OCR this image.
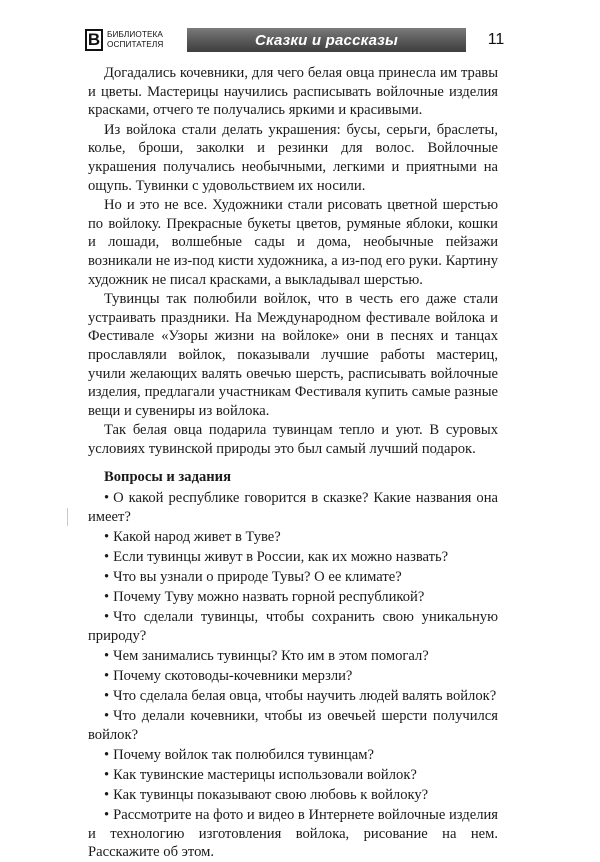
В БИБЛИОТЕКА
ОСПИТАТЕЛЯ	Сказки и рассказы	11

Догадались кочевники, для чего белая овца принесла им травы и цветы. Мастерицы научились расписывать войлочные изделия красками, отчего те получались яркими и красивыми.

Из войлока стали делать украшения: бусы, серьги, браслеты, колье, броши, заколки и резинки для волос. Войлочные украшения получались необычными, легкими и приятными на ощупь. Тувинки с удовольствием их носили.

Но и это не все. Художники стали рисовать цветной шерстью по войлоку. Прекрасные букеты цветов, румяные яблоки, кошки и лошади, волшебные сады и дома, необычные пейзажи возникали не из-под кисти художника, а из-под его руки. Картину художник не писал красками, а выкладывал шерстью.

Тувинцы так полюбили войлок, что в честь его даже стали устраивать праздники. На Международном фестивале войлока и Фестивале «Узоры жизни на войлоке» они в песнях и танцах прославляли войлок, показывали лучшие работы мастериц, учили желающих валять овечью шерсть, расписывать войлочные изделия, предлагали участникам Фестиваля купить самые разные вещи и сувениры из войлока.

Так белая овца подарила тувинцам тепло и уют. В суровых условиях тувинской природы это был самый лучший подарок.

Вопросы и задания
• О какой республике говорится в сказке? Какие названия она имеет?
• Какой народ живет в Туве?
• Если тувинцы живут в России, как их можно назвать?
• Что вы узнали о природе Тувы? О ее климате?
• Почему Туву можно назвать горной республикой?
• Что сделали тувинцы, чтобы сохранить свою уникальную природу?
• Чем занимались тувинцы? Кто им в этом помогал?
• Почему скотоводы-кочевники мерзли?
• Что сделала белая овца, чтобы научить людей валять войлок?
• Что делали кочевники, чтобы из овечьей шерсти получился войлок?
• Почему войлок так полюбился тувинцам?
• Как тувинские мастерицы использовали войлок?
• Как тувинцы показывают свою любовь к войлоку?
• Рассмотрите на фото и видео в Интернете войлочные изделия и технологию изготовления войлока, рисование на нем. Расскажите об этом.
